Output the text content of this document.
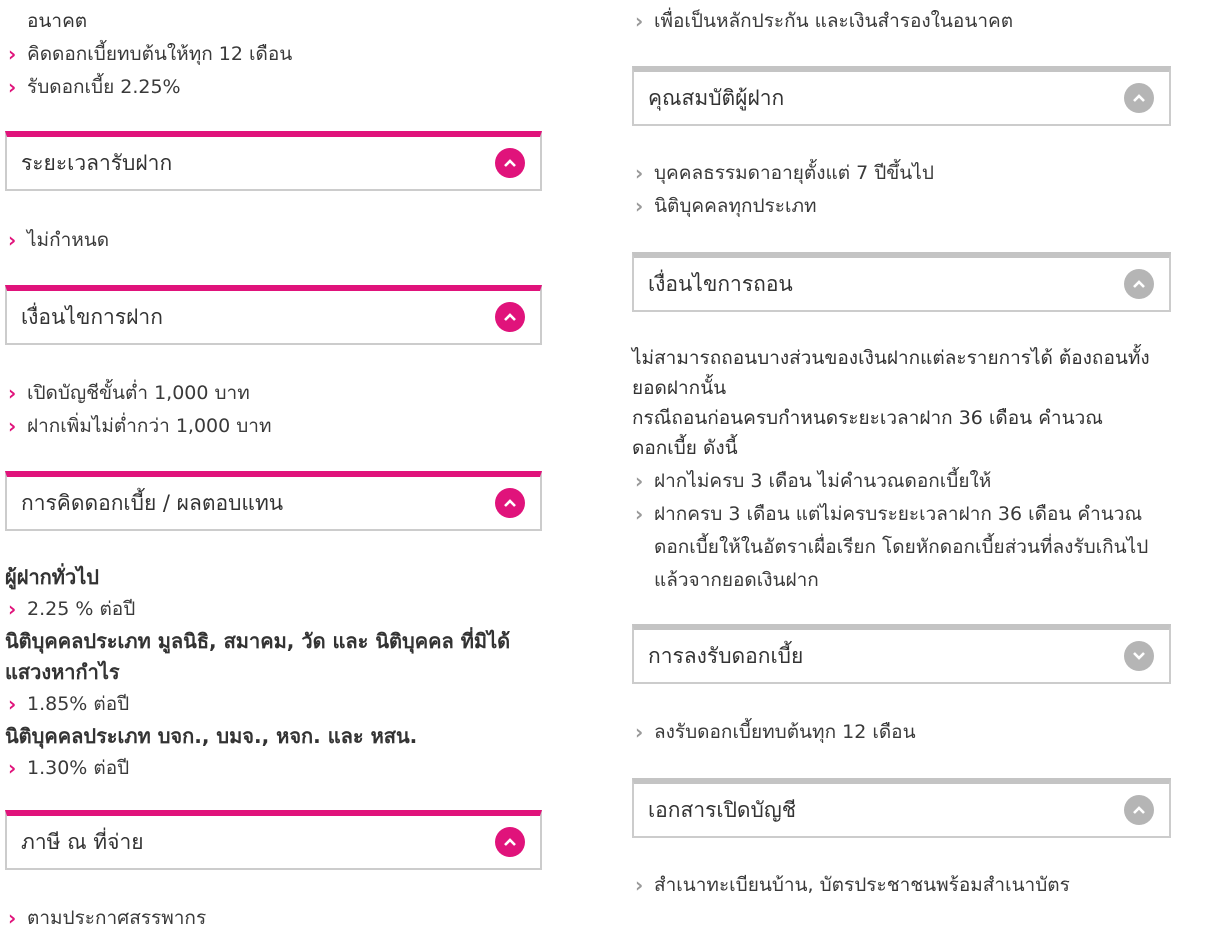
อนาคต
› คิดดอกเบี้ยทบต้นให้ทุก 12 เดือน
› รับดอกเบี้ย 2.25%
ระยะเวลารับฝาก
› ไม่กำหนด
เงื่อนไขการฝาก
› เปิดบัญชีขั้นต่ำ 1,000 บาท
› ฝากเพิ่มไม่ต่ำกว่า 1,000 บาท
การคิดดอกเบี้ย / ผลตอบแทน
ผู้ฝากทั่วไป
› 2.25 % ต่อปี
นิติบุคคลประเภท มูลนิธิ, สมาคม, วัด และ นิติบุคคล ที่มิได้แสวงหากำไร
› 1.85% ต่อปี
นิติบุคคลประเภท บจก., บมจ., หจก. และ หสน.
› 1.30% ต่อปี
ภาษี ณ ที่จ่าย
› ตามประกาศสรรพากร
› เพื่อเป็นหลักประกัน และเงินสำรองในอนาคต
คุณสมบัติผู้ฝาก
› บุคคลธรรมดาอายุตั้งแต่ 7 ปีขึ้นไป
› นิติบุคคลทุกประเภท
เงื่อนไขการถอน
ไม่สามารถถอนบางส่วนของเงินฝากแต่ละรายการได้ ต้องถอนทั้งยอดฝากนั้น
กรณีถอนก่อนครบกำหนดระยะเวลาฝาก 36 เดือน คำนวณดอกเบี้ย ดังนี้
› ฝากไม่ครบ 3 เดือน ไม่คำนวณดอกเบี้ยให้
› ฝากครบ 3 เดือน แต่ไม่ครบระยะเวลาฝาก 36 เดือน คำนวณดอกเบี้ยให้ในอัตราเผื่อเรียก โดยหักดอกเบี้ยส่วนที่ลงรับเกินไปแล้วจากยอดเงินฝาก
การลงรับดอกเบี้ย
› ลงรับดอกเบี้ยทบต้นทุก 12 เดือน
เอกสารเปิดบัญชี
› สำเนาทะเบียนบ้าน, บัตรประชาชนพร้อมสำเนาบัตร
